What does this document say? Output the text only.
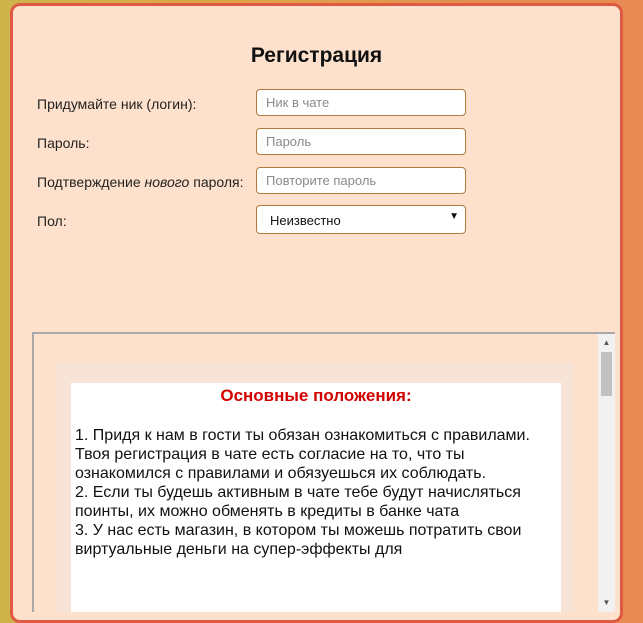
Регистрация
Придумайте ник (логин):
Ник в чате
Пароль:
Подтверждение нового пароля:
Пол:	Неизвестно	▼
Основные положения:

1. Придя к нам в гости ты обязан ознакомиться с правилами. Твоя регистрация в чате есть согласие на то, что ты ознакомился с правилами и обязуешься их соблюдать.

2. Если ты будешь активным в чате тебе будут начисляться поинты, их можно обменять в кредиты в банке чата

3. У нас есть магазин, в котором ты можешь потратить свои виртуальные деньги на супер-эффекты для

▲
▼
